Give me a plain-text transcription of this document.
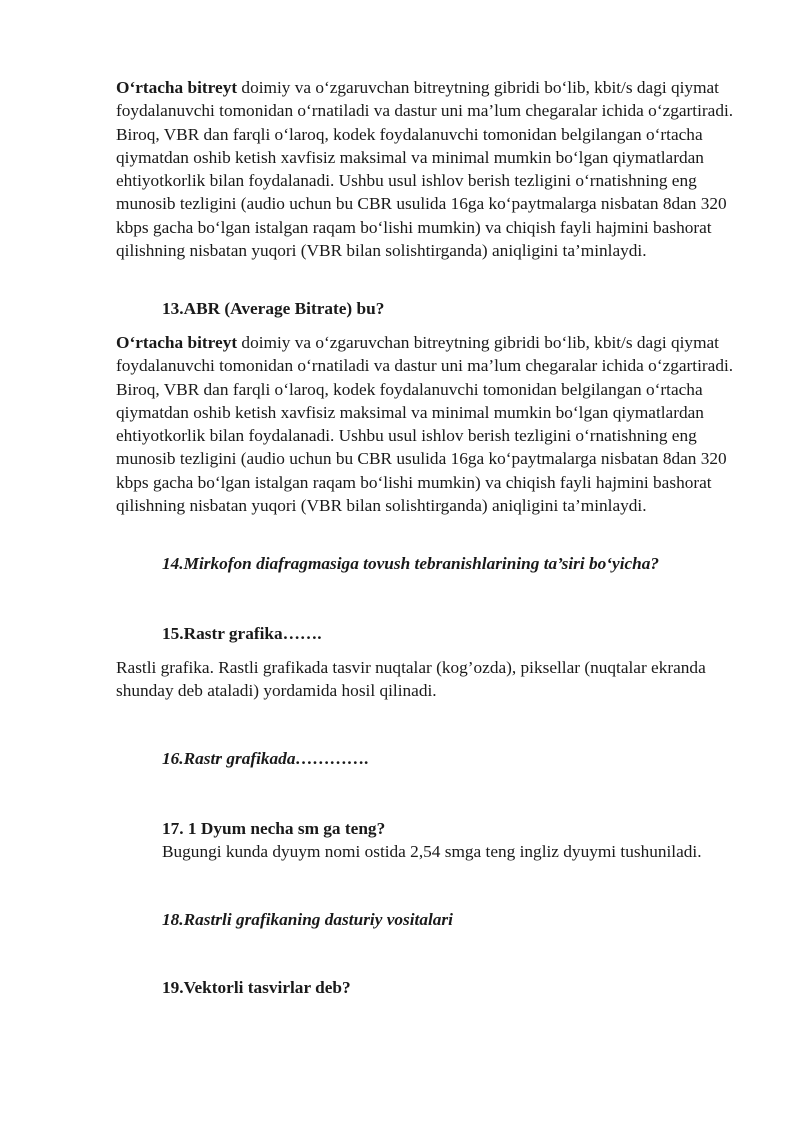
O‘rtacha bitreyt doimiy va o‘zgaruvchan bitreytning gibridi bo‘lib, kbit/s dagi qiymat foydalanuvchi tomonidan o‘rnatiladi va dastur uni ma’lum chegaralar ichida o‘zgartiradi. Biroq, VBR dan farqli o‘laroq, kodek foydalanuvchi tomonidan belgilangan o‘rtacha qiymatdan oshib ketish xavfisiz maksimal va minimal mumkin bo‘lgan qiymatlardan ehtiyotkorlik bilan foydalanadi. Ushbu usul ishlov berish tezligini o‘rnatishning eng munosib tezligini (audio uchun bu CBR usulida 16ga ko‘paytmalarga nisbatan 8dan 320 kbps gacha bo‘lgan istalgan raqam bo‘lishi mumkin) va chiqish fayli hajmini bashorat qilishning nisbatan yuqori (VBR bilan solishtirganda) aniqligini ta’minlaydi.

13.ABR (Average Bitrate) bu?

O‘rtacha bitreyt doimiy va o‘zgaruvchan bitreytning gibridi bo‘lib, kbit/s dagi qiymat foydalanuvchi tomonidan o‘rnatiladi va dastur uni ma’lum chegaralar ichida o‘zgartiradi. Biroq, VBR dan farqli o‘laroq, kodek foydalanuvchi tomonidan belgilangan o‘rtacha qiymatdan oshib ketish xavfisiz maksimal va minimal mumkin bo‘lgan qiymatlardan ehtiyotkorlik bilan foydalanadi. Ushbu usul ishlov berish tezligini o‘rnatishning eng munosib tezligini (audio uchun bu CBR usulida 16ga ko‘paytmalarga nisbatan 8dan 320 kbps gacha bo‘lgan istalgan raqam bo‘lishi mumkin) va chiqish fayli hajmini bashorat qilishning nisbatan yuqori (VBR bilan solishtirganda) aniqligini ta’minlaydi.

14.Mirkofon diafragmasiga tovush tebranishlarining ta’siri bo‘yicha?

15.Rastr grafika…….

Rastli grafika. Rastli grafikada tasvir nuqtalar (kog’ozda), piksellar (nuqtalar ekranda shunday deb ataladi) yordamida hosil qilinadi.

16.Rastr grafikada………….

17. 1 Dyum necha sm ga teng?

Bugungi kunda dyuym nomi ostida 2,54 smga teng ingliz dyuymi tushuniladi.

18.Rastrli grafikaning dasturiy vositalari

19.Vektorli tasvirlar deb?
